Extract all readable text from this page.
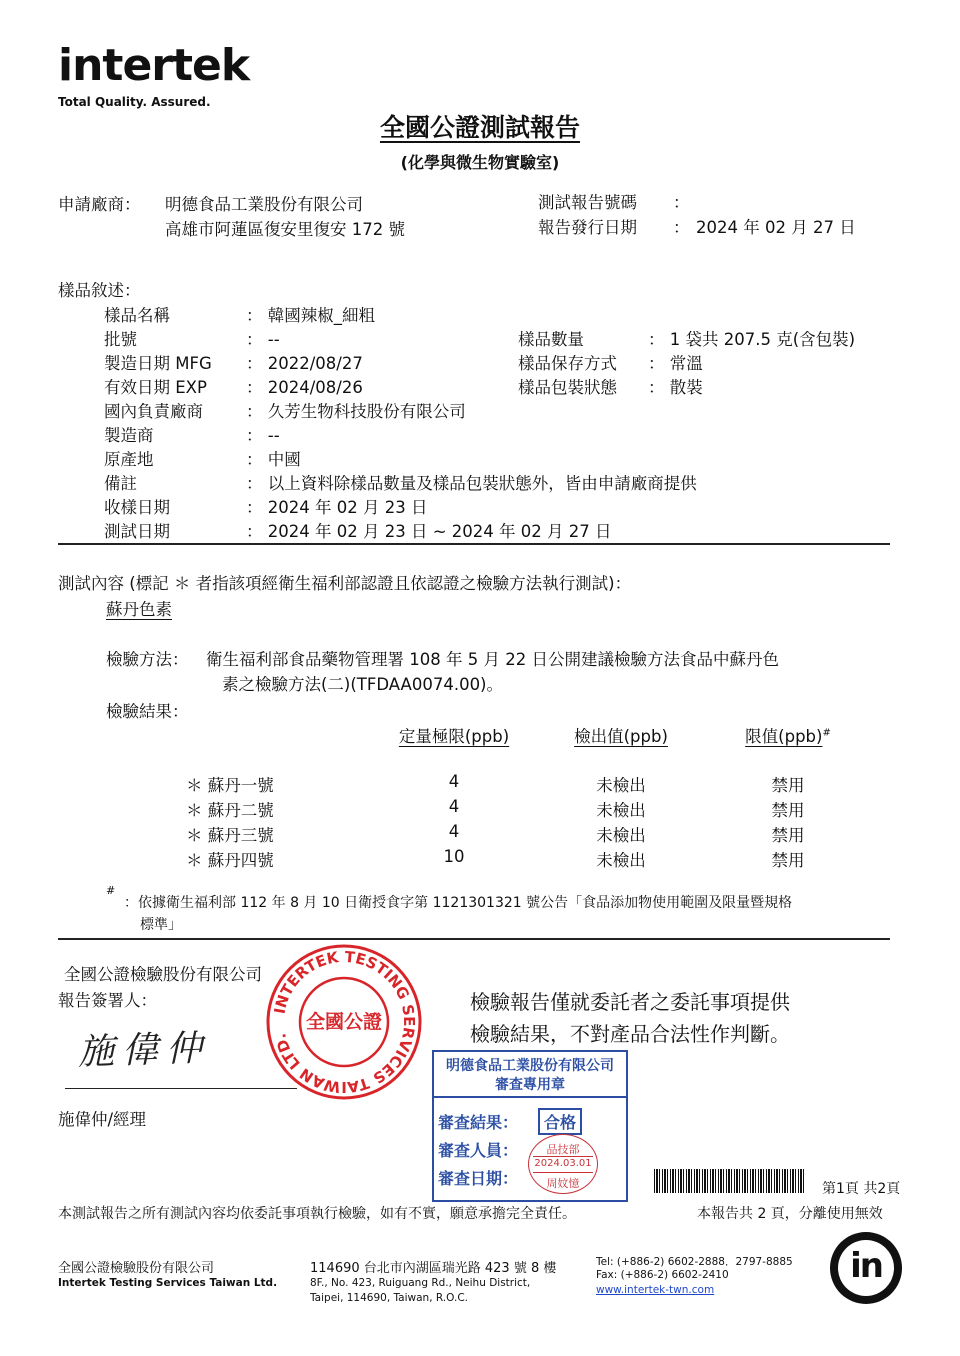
intertek
Total Quality. Assured.
全國公證測試報告
(化學與微生物實驗室)
申請廠商： 明德食品工業股份有限公司
高雄市阿蓮區復安里復安 172 號
測試報告號碼 ：
報告發行日期 ： 2024 年 02 月 27 日
樣品敘述：
樣品名稱	： 韓國辣椒_細粗
批號	： --
製造日期 MFG ： 2022/08/27
有效日期 EXP ： 2024/08/26
國內負責廠商	： 久芳生物科技股份有限公司
製造商	： --
原產地	： 中國
備註	： 以上資料除樣品數量及樣品包裝狀態外，皆由申請廠商提供
收樣日期	： 2024 年 02 月 23 日
測試日期	： 2024 年 02 月 23 日 ~ 2024 年 02 月 27 日
樣品數量	： 1 袋共 207.5 克(含包裝)
樣品保存方式 ： 常溫
樣品包裝狀態 ： 散裝
測試內容 (標記 ＊ 者指該項經衛生福利部認證且依認證之檢驗方法執行測試)：
蘇丹色素
檢驗方法： 衛生福利部食品藥物管理署 108 年 5 月 22 日公開建議檢驗方法食品中蘇丹色
素之檢驗方法(二)(TFDAA0074.00)。
檢驗結果：
定量極限(ppb)	檢出值(ppb)	限值(ppb)#
＊ 蘇丹一號	4	未檢出	禁用
＊ 蘇丹二號	4	未檢出	禁用
＊ 蘇丹三號	4	未檢出	禁用
＊ 蘇丹四號	10	未檢出	禁用
#
：依據衛生福利部 112 年 8 月 10 日衛授食字第 1121301321 號公告「食品添加物使用範圍及限量暨規格
標準」
全國公證檢驗股份有限公司
報告簽署人：
施偉仲
施偉仲/經理
檢驗報告僅就委託者之委託事項提供
檢驗結果，不對產品合法性作判斷。
INTERTEK TESTING SERVICES TAIWAN LTD.
全國公證
明德食品工業股份有限公司
審查專用章
審查結果：	合格
審查人員：
審查日期：
品技部
2024.03.01
周妏憶	第1頁 共2頁
本測試報告之所有測試內容均依委託事項執行檢驗，如有不實，願意承擔完全責任。	本報告共 2 頁，分離使用無效
全國公證檢驗股份有限公司
Intertek Testing Services Taiwan Ltd.
114690 台北市內湖區瑞光路 423 號 8 樓
8F., No. 423, Ruiguang Rd., Neihu District,
Taipei, 114690, Taiwan, R.O.C.
Tel: (+886-2) 6602-2888．2797-8885
Fax: (+886-2) 6602-2410
www.intertek-twn.com
in
